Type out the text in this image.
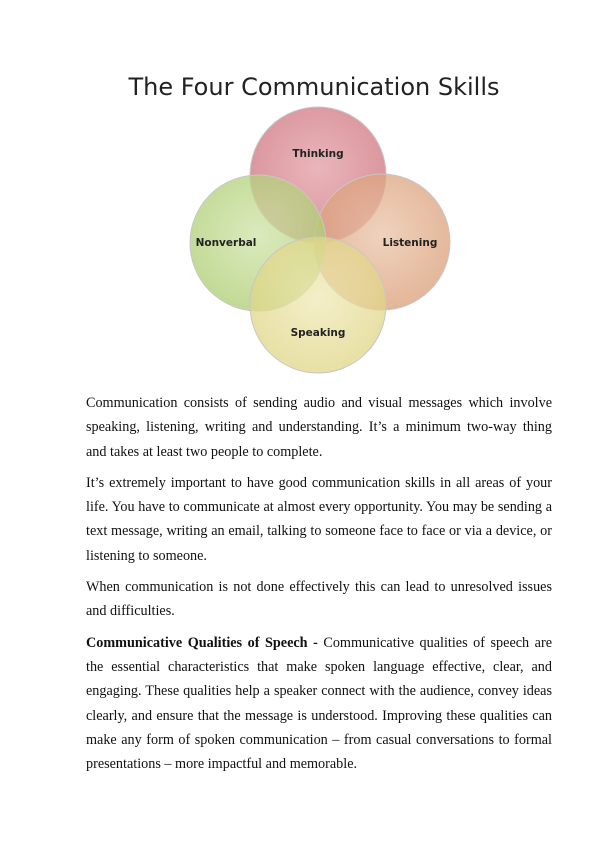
The Four Communication Skills
Thinking
Listening
Nonverbal
Speaking

Communication consists of sending audio and visual messages which involve speaking, listening, writing and understanding. It’s a minimum two-way thing and takes at least two people to complete.

It’s extremely important to have good communication skills in all areas of your life. You have to communicate at almost every opportunity. You may be sending a text message, writing an email, talking to someone face to face or via a device, or listening to someone.

When communication is not done effectively this can lead to unresolved issues and difficulties.

Communicative Qualities of Speech - Communicative qualities of speech are the essential characteristics that make spoken language effective, clear, and engaging. These qualities help a speaker connect with the audience, convey ideas clearly, and ensure that the message is understood. Improving these qualities can make any form of spoken communication – from casual conversations to formal presentations – more impactful and memorable.
